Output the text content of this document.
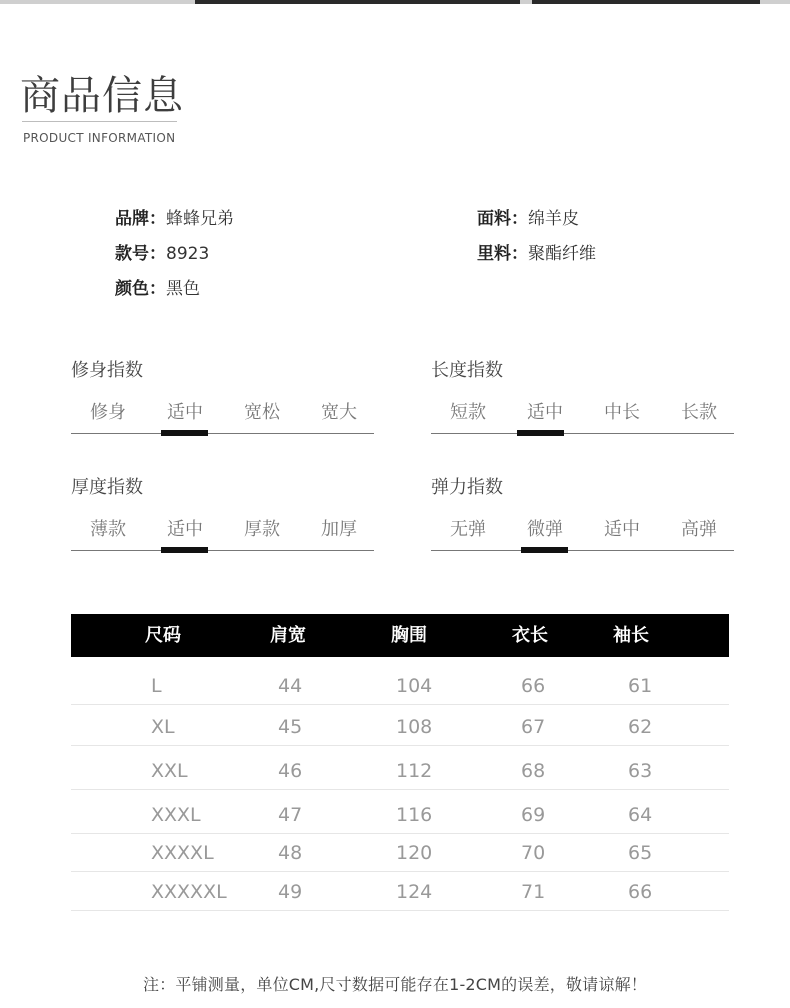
商品信息
PRODUCT INFORMATION
品牌：蜂蜂兄弟
款号：8923
颜色：黑色
面料：绵羊皮
里料：聚酯纤维
修身指数
修身	适中	宽松	宽大
长度指数
短款	适中	中长	长款
厚度指数
薄款	适中	厚款	加厚
弹力指数
无弹	微弹	适中	高弹
尺码	肩宽	胸围	衣长	袖长
L	44	104	66	61
XL	45	108	67	62
XXL	46	112	68	63
XXXL	47	116	69	64
XXXXL	48	120	70	65
XXXXXL	49	124	71	66
注：平铺测量，单位CM,尺寸数据可能存在1-2CM的误差，敬请谅解！
